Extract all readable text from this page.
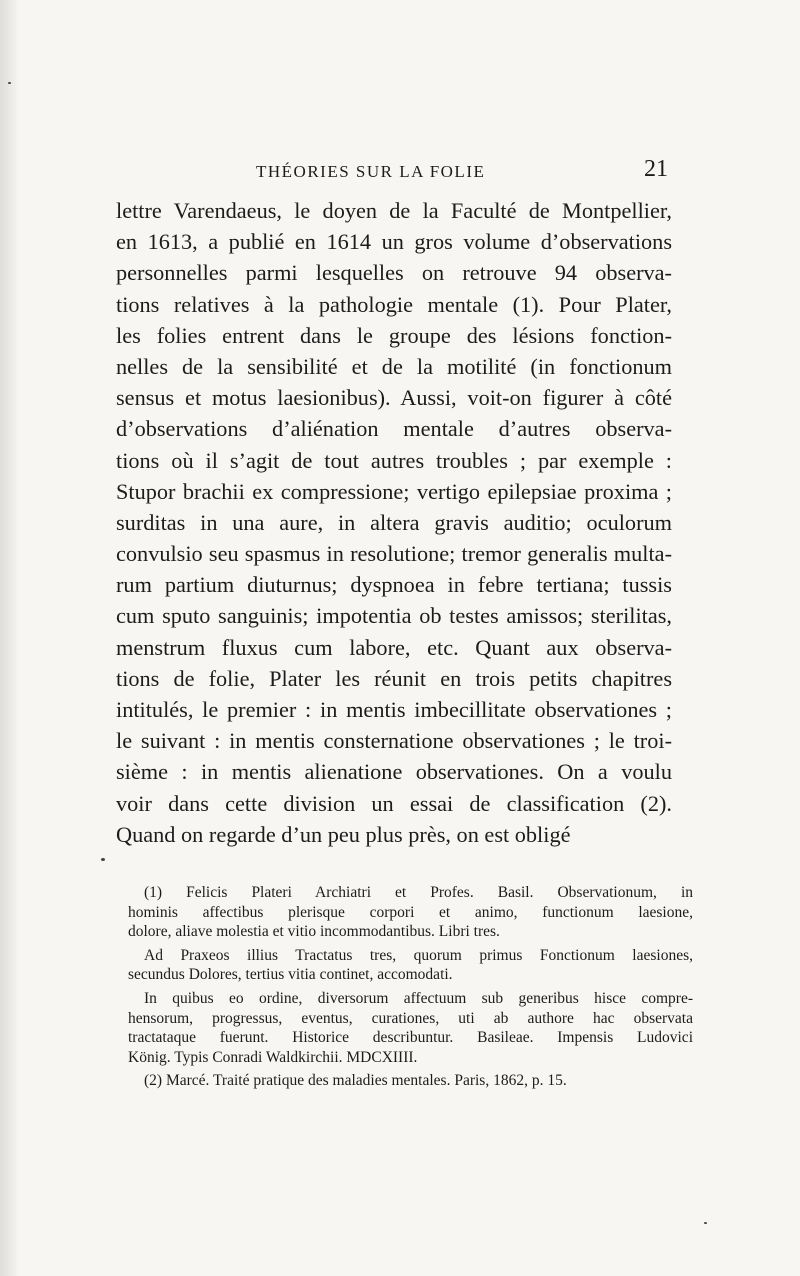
THÉORIES SUR LA FOLIE	21
lettre Varendaeus, le doyen de la Faculté de Montpellier,
en 1613, a publié en 1614 un gros volume d’observations
personnelles parmi lesquelles on retrouve 94 observa-
tions relatives à la pathologie mentale (1). Pour Plater,
les folies entrent dans le groupe des lésions fonction-
nelles de la sensibilité et de la motilité (in fonctionum
sensus et motus laesionibus). Aussi, voit-on figurer à côté
d’observations d’aliénation mentale d’autres observa-
tions où il s’agit de tout autres troubles ; par exemple :
Stupor brachii ex compressione; vertigo epilepsiae proxima ;
surditas in una aure, in altera gravis auditio; oculorum
convulsio seu spasmus in resolutione; tremor generalis multa-
rum partium diuturnus; dyspnoea in febre tertiana; tussis
cum sputo sanguinis; impotentia ob testes amissos; sterilitas,
menstrum fluxus cum labore, etc. Quant aux observa-
tions de folie, Plater les réunit en trois petits chapitres
intitulés, le premier : in mentis imbecillitate observationes ;
le suivant : in mentis consternatione observationes ; le troi-
sième : in mentis alienatione observationes. On a voulu
voir dans cette division un essai de classification (2).
Quand on regarde d’un peu plus près, on est obligé
(1) Felicis Plateri Archiatri et Profes. Basil. Observationum, in
hominis affectibus plerisque corpori et animo, functionum laesione,
dolore, aliave molestia et vitio incommodantibus. Libri tres.
Ad Praxeos illius Tractatus tres, quorum primus Fonctionum laesiones,
secundus Dolores, tertius vitia continet, accomodati.
In quibus eo ordine, diversorum affectuum sub generibus hisce compre-
hensorum, progressus, eventus, curationes, uti ab authore hac observata
tractataque fuerunt. Historice describuntur. Basileae. Impensis Ludovici
König. Typis Conradi Waldkirchii. MDCXIIII.
(2) Marcé. Traité pratique des maladies mentales. Paris, 1862, p. 15.
